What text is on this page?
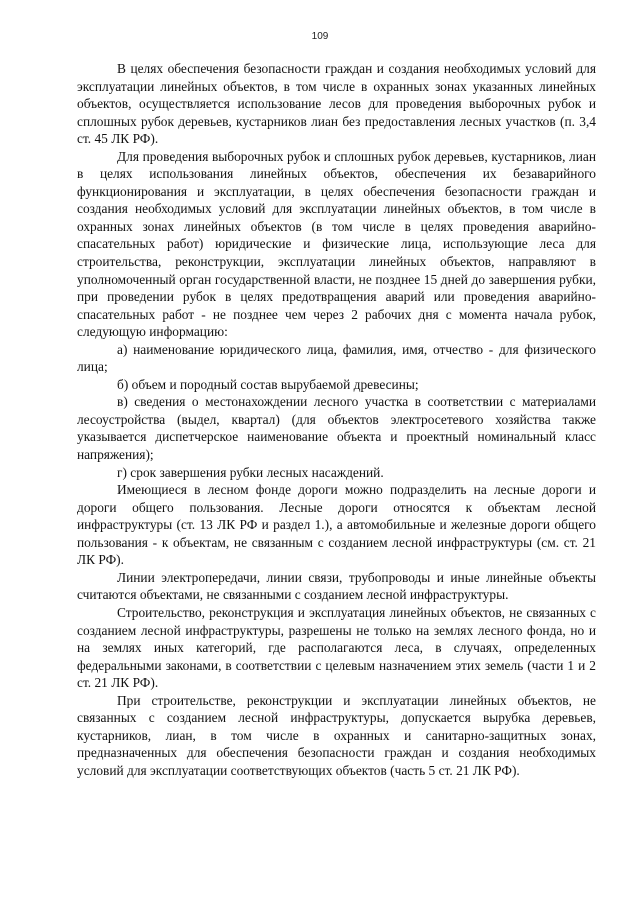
109

В целях обеспечения безопасности граждан и создания необходимых условий для эксплуатации линейных объектов, в том числе в охранных зонах указанных линейных объектов, осуществляется использование лесов для проведения выборочных рубок и сплошных рубок деревьев, кустарников лиан без предоставления лесных участков (п. 3,4 ст. 45 ЛК РФ).

Для проведения выборочных рубок и сплошных рубок деревьев, кустарников, лиан в целях использования линейных объектов, обеспечения их безаварийного функционирования и эксплуатации, в целях обеспечения безопасности граждан и создания необходимых условий для эксплуатации линейных объектов, в том числе в охранных зонах линейных объектов (в том числе в целях проведения аварийно-спасательных работ) юридические и физические лица, использующие леса для строительства, реконструкции, эксплуатации линейных объектов, направляют в уполномоченный орган государственной власти, не позднее 15 дней до завершения рубки, при проведении рубок в целях предотвращения аварий или проведения аварийно-спасательных работ - не позднее чем через 2 рабочих дня с момента начала рубок, следующую информацию:

а) наименование юридического лица, фамилия, имя, отчество - для физического лица;

б) объем и породный состав вырубаемой древесины;

в) сведения о местонахождении лесного участка в соответствии с материалами лесоустройства (выдел, квартал) (для объектов электросетевого хозяйства также указывается диспетчерское наименование объекта и проектный номинальный класс напряжения);

г) срок завершения рубки лесных насаждений.

Имеющиеся в лесном фонде дороги можно подразделить на лесные дороги и дороги общего пользования. Лесные дороги относятся к объектам лесной инфраструктуры (ст. 13 ЛК РФ и раздел 1.), а автомобильные и железные дороги общего пользования - к объектам, не связанным с созданием лесной инфраструктуры (см. ст. 21 ЛК РФ).

Линии электропередачи, линии связи, трубопроводы и иные линейные объекты считаются объектами, не связанными с созданием лесной инфраструктуры.

Строительство, реконструкция и эксплуатация линейных объектов, не связанных с созданием лесной инфраструктуры, разрешены не только на землях лесного фонда, но и на землях иных категорий, где располагаются леса, в случаях, определенных федеральными законами, в соответствии с целевым назначением этих земель (части 1 и 2 ст. 21 ЛК РФ).

При строительстве, реконструкции и эксплуатации линейных объектов, не связанных с созданием лесной инфраструктуры, допускается вырубка деревьев, кустарников, лиан, в том числе в охранных и санитарно-защитных зонах, предназначенных для обеспечения безопасности граждан и создания необходимых условий для эксплуатации соответствующих объектов (часть 5 ст. 21 ЛК РФ).
